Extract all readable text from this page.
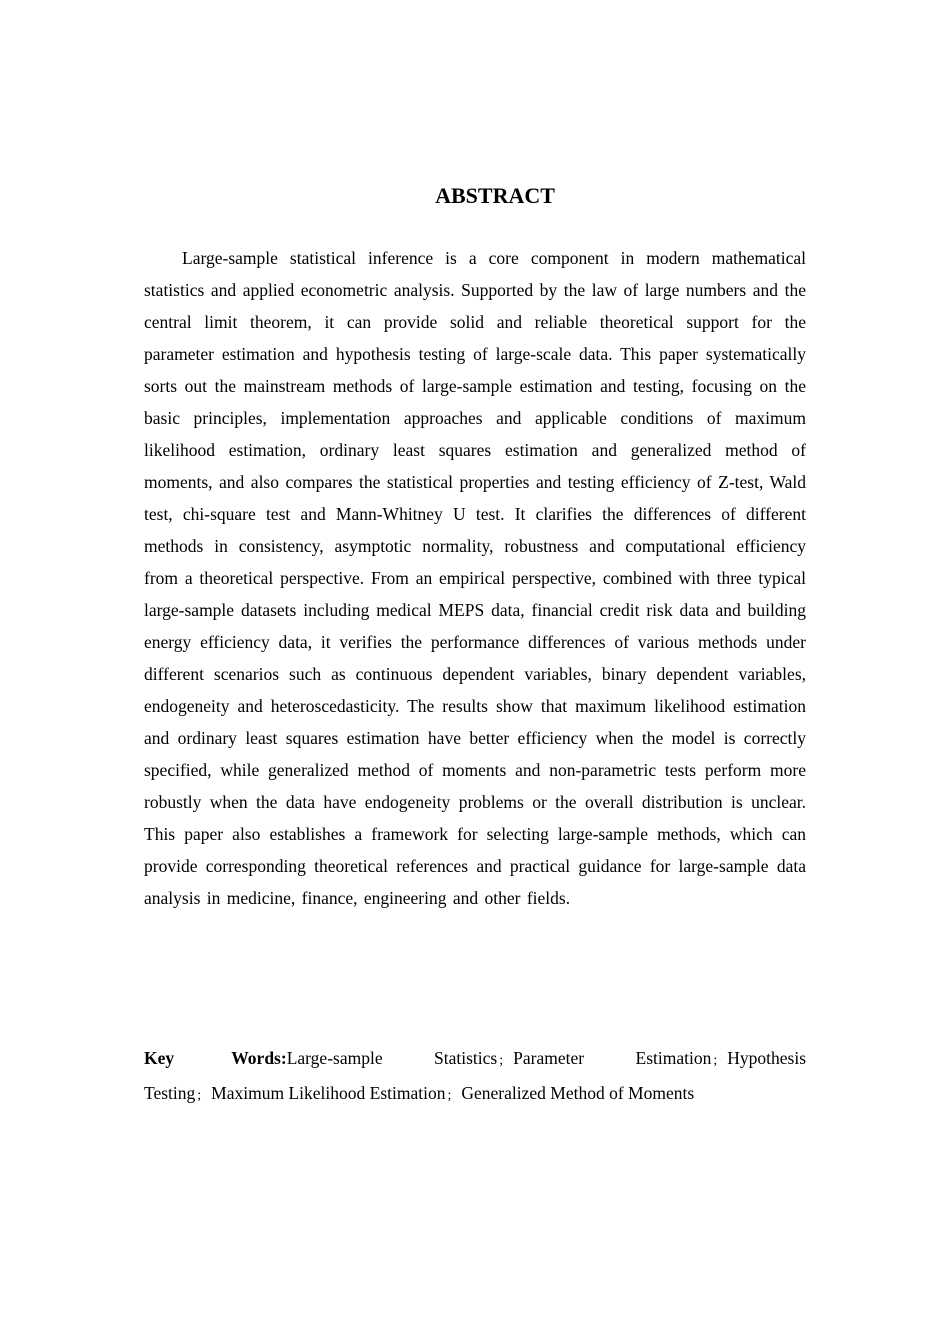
ABSTRACT

Large-sample statistical inference is a core component in modern mathematical statistics and applied econometric analysis. Supported by the law of large numbers and the central limit theorem, it can provide solid and reliable theoretical support for the parameter estimation and hypothesis testing of large-scale data. This paper systematically sorts out the mainstream methods of large-sample estimation and testing, focusing on the basic principles, implementation approaches and applicable conditions of maximum likelihood estimation, ordinary least squares estimation and generalized method of moments, and also compares the statistical properties and testing efficiency of Z-test, Wald test, chi-square test and Mann-Whitney U test. It clarifies the differences of different methods in consistency, asymptotic normality, robustness and computational efficiency from a theoretical perspective. From an empirical perspective, combined with three typical large-sample datasets including medical MEPS data, financial credit risk data and building energy efficiency data, it verifies the performance differences of various methods under different scenarios such as continuous dependent variables, binary dependent variables, endogeneity and heteroscedasticity. The results show that maximum likelihood estimation and ordinary least squares estimation have better efficiency when the model is correctly specified, while generalized method of moments and non-parametric tests perform more robustly when the data have endogeneity problems or the overall distribution is unclear. This paper also establishes a framework for selecting large-sample methods, which can provide corresponding theoretical references and practical guidance for large-sample data analysis in medicine, finance, engineering and other fields.

Key Words:Large-sample Statistics ; Parameter Estimation ; Hypothesis Testing ; Maximum Likelihood Estimation ; Generalized Method of Moments
